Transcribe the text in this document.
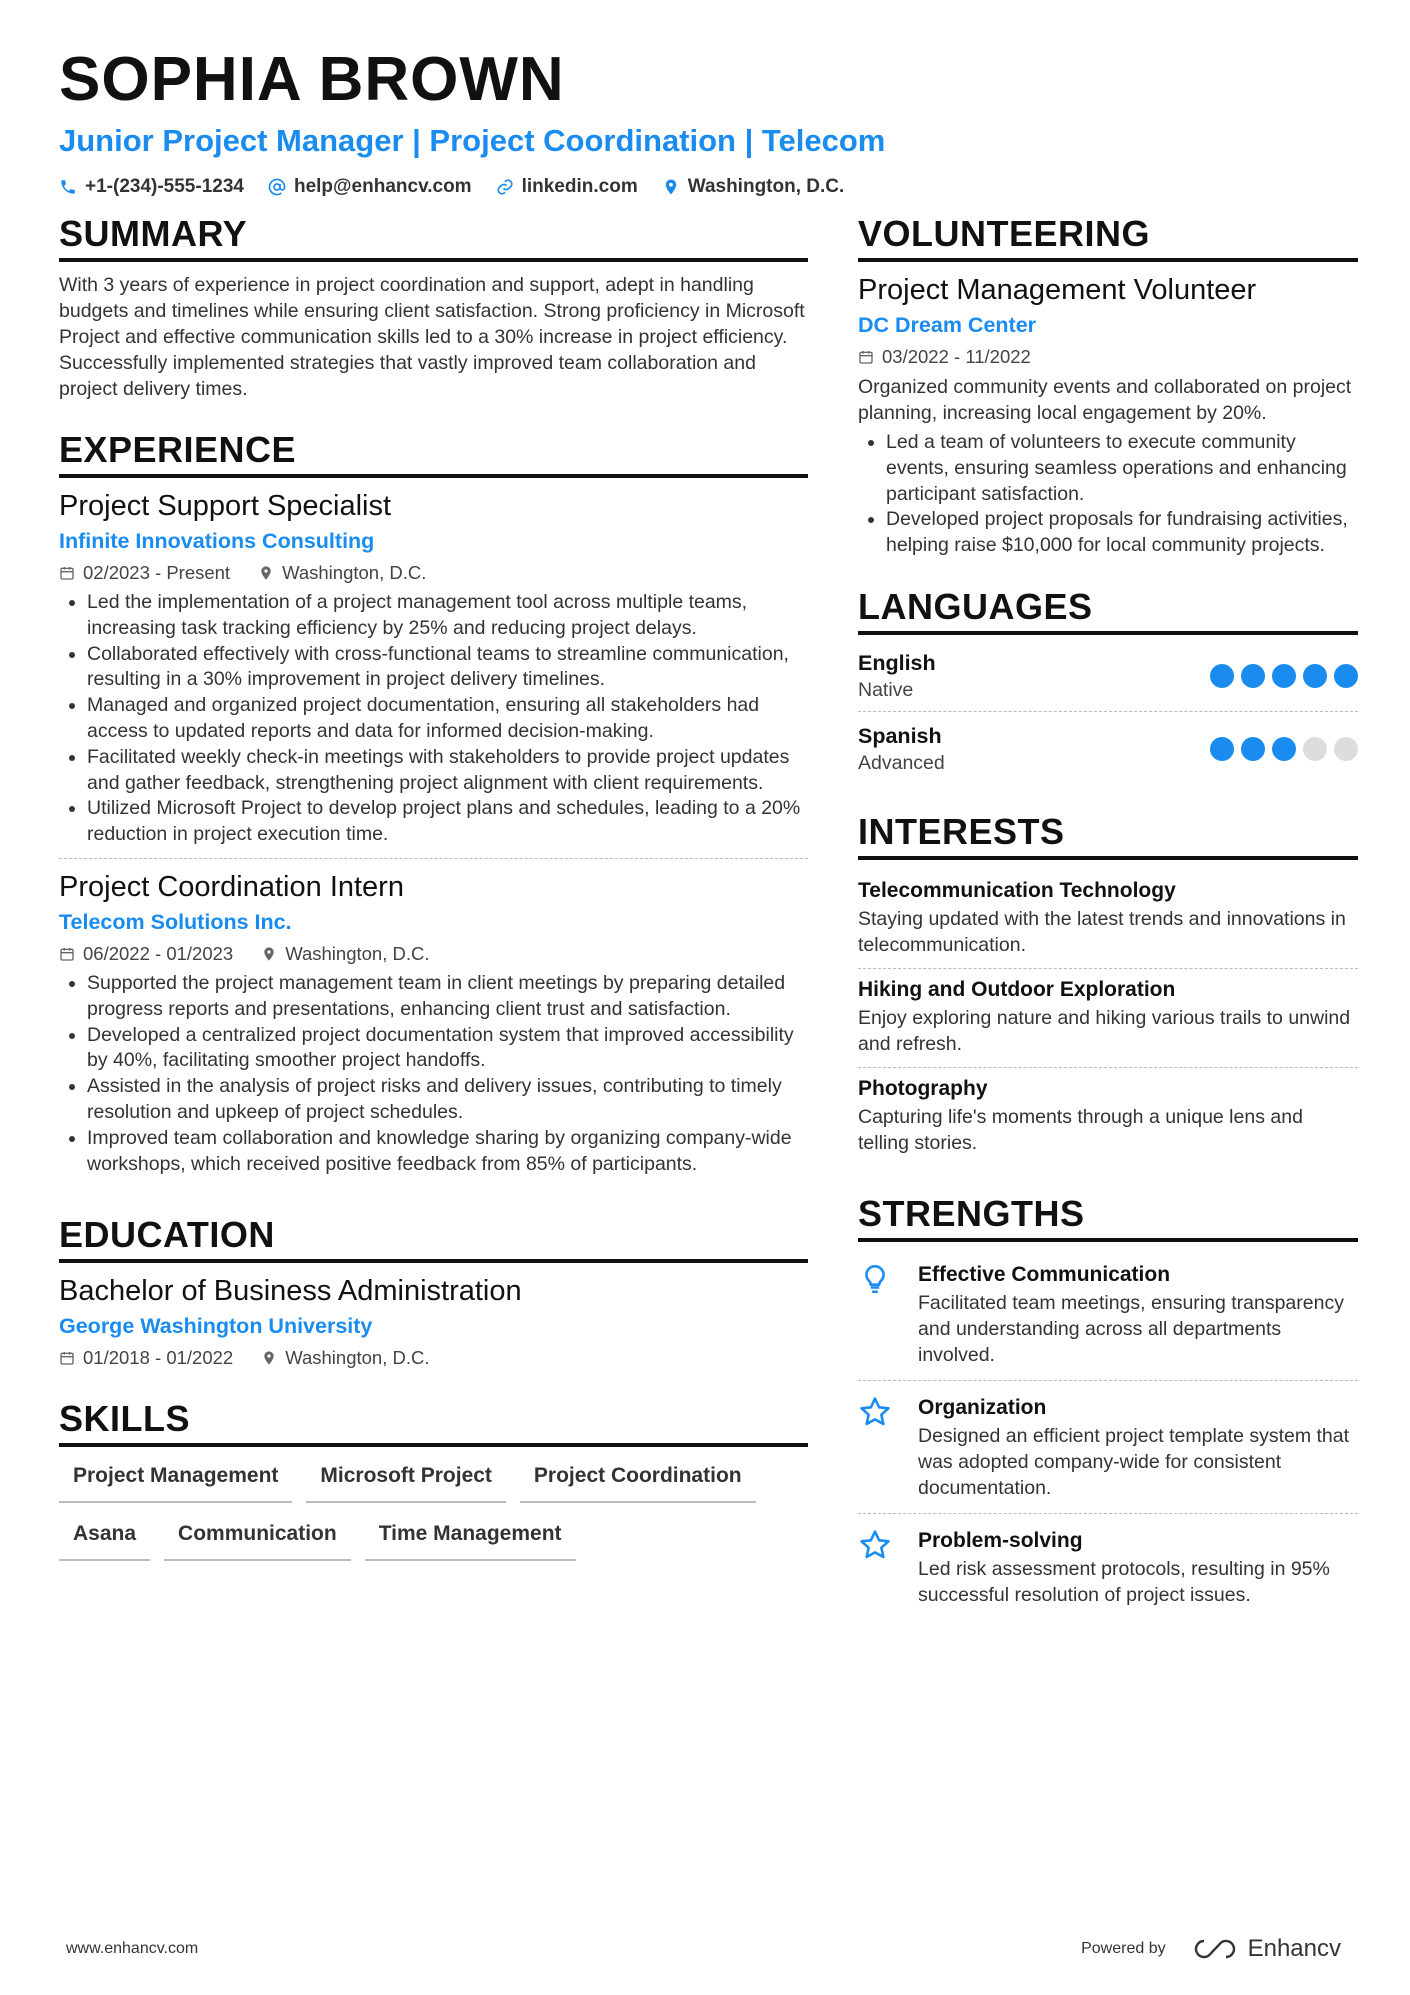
SOPHIA BROWN
Junior Project Manager | Project Coordination | Telecom
+1-(234)-555-1234	help@enhancv.com	linkedin.com	Washington, D.C.
SUMMARY

With 3 years of experience in project coordination and support, adept in handling budgets and timelines while ensuring client satisfaction. Strong proficiency in Microsoft Project and effective communication skills led to a 30% increase in project efficiency. Successfully implemented strategies that vastly improved team collaboration and project delivery times.

EXPERIENCE
Project Support Specialist
Infinite Innovations Consulting
02/2023 - Present	Washington, D.C.
• Led the implementation of a project management tool across multiple teams, increasing task tracking efficiency by 25% and reducing project delays.
• Collaborated effectively with cross-functional teams to streamline communication, resulting in a 30% improvement in project delivery timelines.
• Managed and organized project documentation, ensuring all stakeholders had access to updated reports and data for informed decision-making.
• Facilitated weekly check-in meetings with stakeholders to provide project updates and gather feedback, strengthening project alignment with client requirements.
• Utilized Microsoft Project to develop project plans and schedules, leading to a 20% reduction in project execution time.
Project Coordination Intern
Telecom Solutions Inc.
06/2022 - 01/2023	Washington, D.C.
• Supported the project management team in client meetings by preparing detailed progress reports and presentations, enhancing client trust and satisfaction.
• Developed a centralized project documentation system that improved accessibility by 40%, facilitating smoother project handoffs.
• Assisted in the analysis of project risks and delivery issues, contributing to timely resolution and upkeep of project schedules.
• Improved team collaboration and knowledge sharing by organizing company-wide workshops, which received positive feedback from 85% of participants.
EDUCATION
Bachelor of Business Administration
George Washington University
01/2018 - 01/2022	Washington, D.C.
SKILLS
Project Management	Microsoft Project	Project Coordination
Asana	Communication	Time Management
VOLUNTEERING
Project Management Volunteer
DC Dream Center
03/2022 - 11/2022

Organized community events and collaborated on project planning, increasing local engagement by 20%.

• Led a team of volunteers to execute community events, ensuring seamless operations and enhancing participant satisfaction.
• Developed project proposals for fundraising activities, helping raise $10,000 for local community projects.
LANGUAGES
English
Native
Spanish
Advanced
INTERESTS
Telecommunication Technology

Staying updated with the latest trends and innovations in telecommunication.

Hiking and Outdoor Exploration

Enjoy exploring nature and hiking various trails to unwind and refresh.

Photography

Capturing life's moments through a unique lens and telling stories.

STRENGTHS
Effective Communication

Facilitated team meetings, ensuring transparency and understanding across all departments involved.

Organization

Designed an efficient project template system that was adopted company-wide for consistent documentation.

Problem-solving

Led risk assessment protocols, resulting in 95% successful resolution of project issues.

www.enhancv.com	Powered by	Enhancv
